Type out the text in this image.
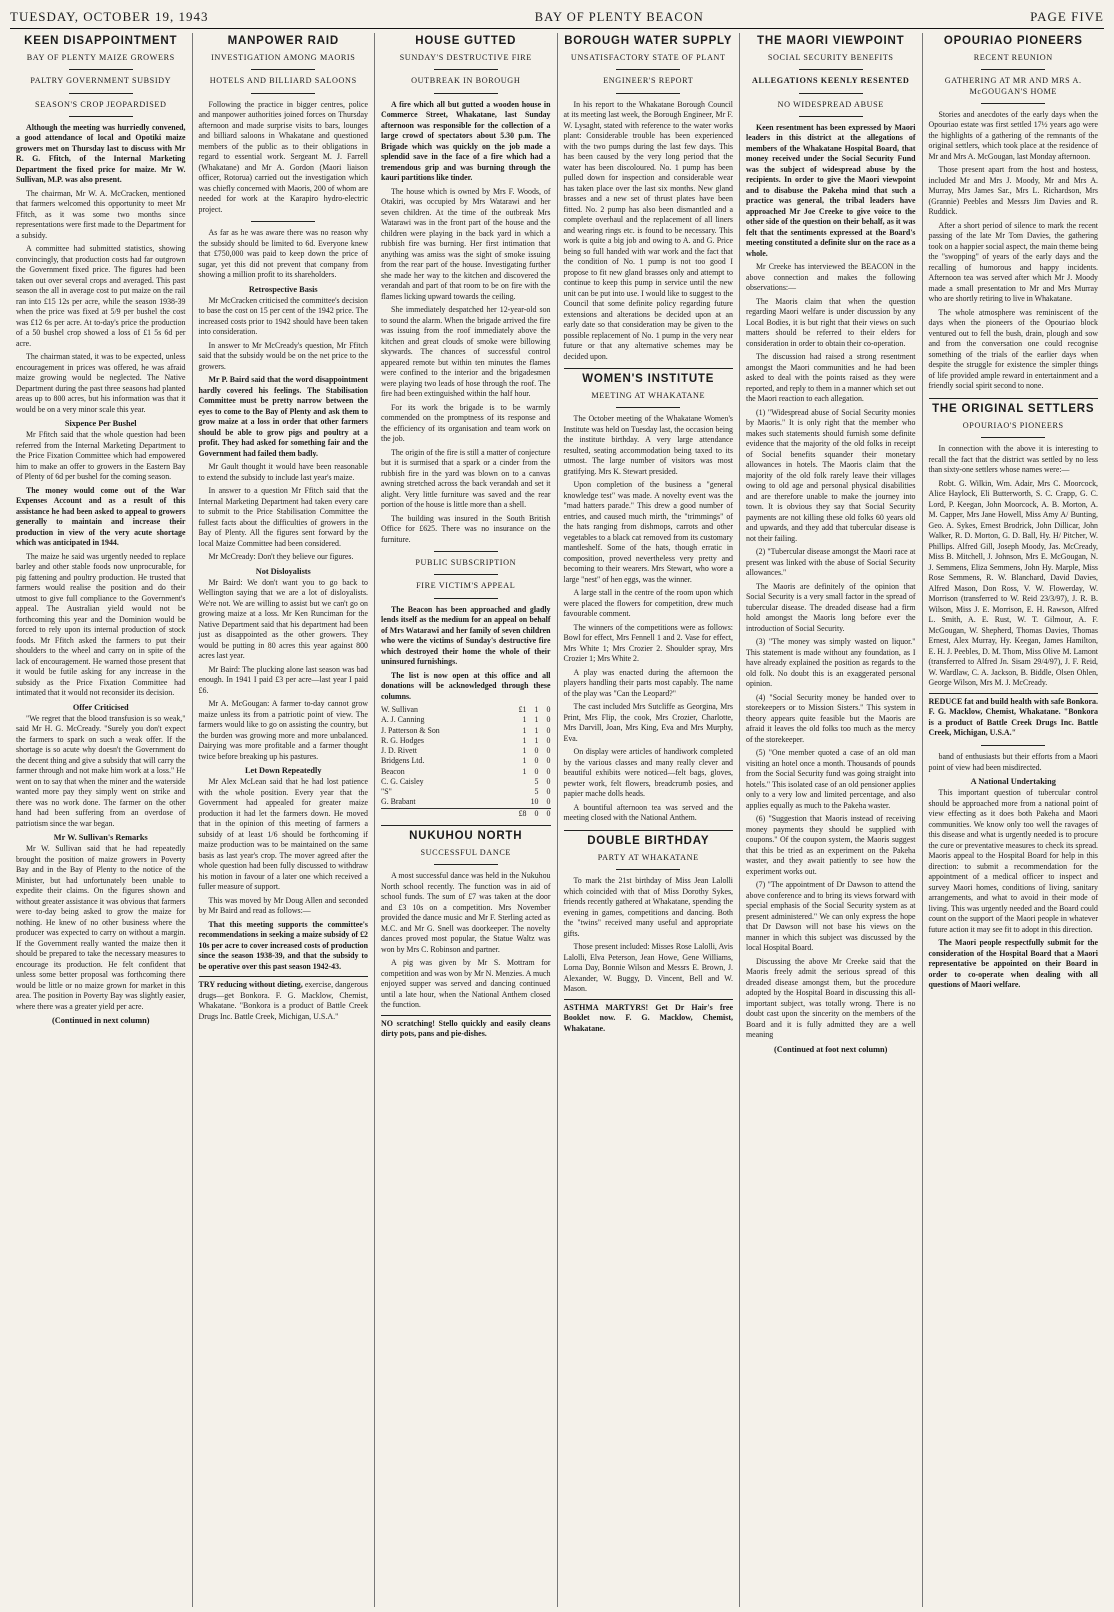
TUESDAY, OCTOBER 19, 1943	BAY OF PLENTY BEACON	PAGE FIVE
KEEN DISAPPOINTMENT
BAY OF PLENTY MAIZE GROWERS
PALTRY GOVERNMENT SUBSIDY
SEASON'S CROP JEOPARDISED

Although the meeting was hurriedly convened, a good attendance of local and Opotiki maize growers met on Thursday last to discuss with Mr R. G. Ffitch, of the Internal Marketing Department the fixed price for maize. Mr W. Sullivan, M.P. was also present.

The chairman, Mr W. A. McCracken, mentioned that farmers welcomed this opportunity to meet Mr Ffitch, as it was some two months since representations were first made to the Department for a subsidy.

A committee had submitted statistics, showing convincingly, that production costs had far outgrown the Government fixed price. The figures had been taken out over several crops and averaged. This past season the all in average cost to put maize on the rail ran into £15 12s per acre, while the season 1938-39 when the price was fixed at 5/9 per bushel the cost was £12 6s per acre. At to-day's price the production of a 50 bushel crop showed a loss of £1 5s 6d per acre.

The chairman stated, it was to be expected, unless encouragement in prices was offered, he was afraid maize growing would be neglected. The Native Department during the past three seasons had planted areas up to 800 acres, but his information was that it would be on a very minor scale this year.

Sixpence Per Bushel

Mr Ffitch said that the whole question had been referred from the Internal Marketing Department to the Price Fixation Committee which had empowered him to make an offer to growers in the Eastern Bay of Plenty of 6d per bushel for the coming season.

The money would come out of the War Expenses Account and as a result of this assistance he had been asked to appeal to growers generally to maintain and increase their production in view of the very acute shortage which was anticipated in 1944.

The maize he said was urgently needed to replace barley and other stable foods now unprocurable, for pig fattening and poultry production. He trusted that farmers would realise the position and do their utmost to give full compliance to the Government's appeal. The Australian yield would not be forthcoming this year and the Dominion would be forced to rely upon its internal production of stock foods. Mr Ffitch asked the farmers to put their shoulders to the wheel and carry on in spite of the lack of encouragement. He warned those present that it would be futile asking for any increase in the subsidy as the Price Fixation Committee had intimated that it would not reconsider its decision.

Offer Criticised

"We regret that the blood transfusion is so weak," said Mr H. G. McCready. "Surely you don't expect the farmers to spark on such a weak offer. If the shortage is so acute why doesn't the Government do the decent thing and give a subsidy that will carry the farmer through and not make him work at a loss." He went on to say that when the miner and the waterside wanted more pay they simply went on strike and there was no work done. The farmer on the other hand had been suffering from an overdose of patriotism since the war began.

Mr W. Sullivan's Remarks

Mr W. Sullivan said that he had repeatedly brought the position of maize growers in Poverty Bay and in the Bay of Plenty to the notice of the Minister, but had unfortunately been unable to expedite their claims. On the figures shown and without greater assistance it was obvious that farmers were to-day being asked to grow the maize for nothing. He knew of no other business where the producer was expected to carry on without a margin. If the Government really wanted the maize then it should be prepared to take the necessary measures to encourage its production. He felt confident that unless some better proposal was forthcoming there would be little or no maize grown for market in this area. The position in Poverty Bay was slightly easier, where there was a greater yield per acre.

(Continued in next column)
MANPOWER RAID
INVESTIGATION AMONG MAORIS
HOTELS AND BILLIARD SALOONS

Following the practice in bigger centres, police and manpower authorities joined forces on Thursday afternoon and made surprise visits to bars, lounges and billiard saloons in Whakatane and questioned members of the public as to their obligations in regard to essential work. Sergeant M. J. Farrell (Whakatane) and Mr A. Gordon (Maori liaison officer, Rotorua) carried out the investigation which was chiefly concerned with Maoris, 200 of whom are needed for work at the Karapiro hydro-electric project.

As far as he was aware there was no reason why the subsidy should be limited to 6d. Everyone knew that £750,000 was paid to keep down the price of sugar, yet this did not prevent that company from showing a million profit to its shareholders.

Retrospective Basis

Mr McCracken criticised the committee's decision to base the cost on 15 per cent of the 1942 price. The increased costs prior to 1942 should have been taken into consideration.

In answer to Mr McCready's question, Mr Ffitch said that the subsidy would be on the net price to the growers.

Mr P. Baird said that the word disappointment hardly covered his feelings. The Stabilisation Committee must be pretty narrow between the eyes to come to the Bay of Plenty and ask them to grow maize at a loss in order that other farmers should be able to grow pigs and poultry at a profit. They had asked for something fair and the Government had failed them badly.

Mr Gault thought it would have been reasonable to extend the subsidy to include last year's maize.

In answer to a question Mr Ffitch said that the Internal Marketing Department had taken every care to submit to the Price Stabilisation Committee the fullest facts about the difficulties of growers in the Bay of Plenty. All the figures sent forward by the local Maize Committee had been considered.

Mr McCready: Don't they believe our figures.

Not Disloyalists

Mr Baird: We don't want you to go back to Wellington saying that we are a lot of disloyalists. We're not. We are willing to assist but we can't go on growing maize at a loss. Mr Ken Runciman for the Native Department said that his department had been just as disappointed as the other growers. They would be putting in 80 acres this year against 800 acres last year.

Mr Baird: The plucking alone last season was bad enough. In 1941 I paid £3 per acre—last year I paid £6.

Mr A. McGougan: A farmer to-day cannot grow maize unless its from a patriotic point of view. The farmers would like to go on assisting the country, but the burden was growing more and more unbalanced. Dairying was more profitable and a farmer thought twice before breaking up his pastures.

Let Down Repeatedly

Mr Alex McLean said that he had lost patience with the whole position. Every year that the Government had appealed for greater maize production it had let the farmers down. He moved that in the opinion of this meeting of farmers a subsidy of at least 1/6 should be forthcoming if maize production was to be maintained on the same basis as last year's crop. The mover agreed after the whole question had been fully discussed to withdraw his motion in favour of a later one which received a fuller measure of support.

This was moved by Mr Doug Allen and seconded by Mr Baird and read as follows:—

That this meeting supports the committee's recommendations in seeking a maize subsidy of £2 10s per acre to cover increased costs of production since the season 1938-39, and that the subsidy to be operative over this past season 1942-43.

TRY reducing without dieting, exercise, dangerous drugs—get Bonkora. F. G. Macklow, Chemist, Whakatane. "Bonkora is a product of Battle Creek Drugs Inc. Battle Creek, Michigan, U.S.A."
HOUSE GUTTED
SUNDAY'S DESTRUCTIVE FIRE
OUTBREAK IN BOROUGH

A fire which all but gutted a wooden house in Commerce Street, Whakatane, last Sunday afternoon was responsible for the collection of a large crowd of spectators about 5.30 p.m. The Brigade which was quickly on the job made a splendid save in the face of a fire which had a tremendous grip and was burning through the kauri partitions like tinder.

The house which is owned by Mrs F. Woods, of Otakiri, was occupied by Mrs Watarawi and her seven children. At the time of the outbreak Mrs Watarawi was in the front part of the house and the children were playing in the back yard in which a rubbish fire was burning. Her first intimation that anything was amiss was the sight of smoke issuing from the rear part of the house. Investigating further she made her way to the kitchen and discovered the verandah and part of that room to be on fire with the flames licking upward towards the ceiling.

She immediately despatched her 12-year-old son to sound the alarm. When the brigade arrived the fire was issuing from the roof immediately above the kitchen and great clouds of smoke were billowing skywards. The chances of successful control appeared remote but within ten minutes the flames were confined to the interior and the brigadesmen were playing two leads of hose through the roof. The fire had been extinguished within the half hour.

For its work the brigade is to be warmly commended on the promptness of its response and the efficiency of its organisation and team work on the job.

The origin of the fire is still a matter of conjecture but it is surmised that a spark or a cinder from the rubbish fire in the yard was blown on to a canvas awning stretched across the back verandah and set it alight. Very little furniture was saved and the rear portion of the house is little more than a shell.

The building was insured in the South British Office for £625. There was no insurance on the furniture.

PUBLIC SUBSCRIPTION
FIRE VICTIM'S APPEAL

The Beacon has been approached and gladly lends itself as the medium for an appeal on behalf of Mrs Watarawi and her family of seven children who were the victims of Sunday's destructive fire which destroyed their home the whole of their uninsured furnishings.

The list is now open at this office and all donations will be acknowledged through these columns.

W. Sullivan	£1	1	0
A. J. Canning	1	1	0
J. Patterson & Son	1	1	0
R. G. Hodges	1	1	0
J. D. Rivett	1	0	0
Bridgens Ltd.	1	0	0
Beacon	1	0	0
C. G. Caisley		5	0
"S"		5	0
G. Brabant		10	0
	£8	0	0
NUKUHOU NORTH
SUCCESSFUL DANCE

A most successful dance was held in the Nukuhou North school recently. The function was in aid of school funds. The sum of £7 was taken at the door and £3 10s on a competition. Mrs November provided the dance music and Mr F. Sterling acted as M.C. and Mr G. Snell was doorkeeper. The novelty dances proved most popular, the Statue Waltz was won by Mrs C. Robinson and partner.

A pig was given by Mr S. Mottram for competition and was won by Mr N. Menzies. A much enjoyed supper was served and dancing continued until a late hour, when the National Anthem closed the function.

NO scratching! Stello quickly and easily cleans dirty pots, pans and pie-dishes.
BOROUGH WATER SUPPLY
UNSATISFACTORY STATE OF PLANT
ENGINEER'S REPORT

In his report to the Whakatane Borough Council at its meeting last week, the Borough Engineer, Mr F. W. Lysaght, stated with reference to the water works plant: Considerable trouble has been experienced with the two pumps during the last few days. This has been caused by the very long period that the water has been discoloured. No. 1 pump has been pulled down for inspection and considerable wear has taken place over the last six months. New gland brasses and a new set of thrust plates have been fitted. No. 2 pump has also been dismantled and a complete overhaul and the replacement of all liners and wearing rings etc. is found to be necessary. This work is quite a big job and owing to A. and G. Price being so full handed with war work and the fact that the condition of No. 1 pump is not too good I propose to fit new gland brasses only and attempt to continue to keep this pump in service until the new unit can be put into use. I would like to suggest to the Council that some definite policy regarding future extensions and alterations be decided upon at an early date so that consideration may be given to the possible replacement of No. 1 pump in the very near future or that any alternative schemes may be decided upon.

WOMEN'S INSTITUTE
MEETING AT WHAKATANE

The October meeting of the Whakatane Women's Institute was held on Tuesday last, the occasion being the institute birthday. A very large attendance resulted, seating accommodation being taxed to its utmost. The large number of visitors was most gratifying. Mrs K. Stewart presided.

Upon completion of the business a "general knowledge test" was made. A novelty event was the "mad hatters parade." This drew a good number of entries, and caused much mirth, the "trimmings" of the hats ranging from dishmops, carrots and other vegetables to a black cat removed from its customary mantleshelf. Some of the hats, though erratic in composition, proved nevertheless very pretty and becoming to their wearers. Mrs Stewart, who wore a large "nest" of hen eggs, was the winner.

A large stall in the centre of the room upon which were placed the flowers for competition, drew much favourable comment.

The winners of the competitions were as follows: Bowl for effect, Mrs Fennell 1 and 2. Vase for effect, Mrs White 1; Mrs Crozier 2. Shoulder spray, Mrs Crozier 1; Mrs White 2.

A play was enacted during the afternoon the players handling their parts most capably. The name of the play was "Can the Leopard?"

The cast included Mrs Sutcliffe as Georgina, Mrs Print, Mrs Flip, the cook, Mrs Crozier, Charlotte, Mrs Darvill, Joan, Mrs King, Eva and Mrs Murphy, Eva.

On display were articles of handiwork completed by the various classes and many really clever and beautiful exhibits were noticed—felt bags, gloves, pewter work, felt flowers, breadcrumb posies, and papier mache dolls heads.

A bountiful afternoon tea was served and the meeting closed with the National Anthem.

DOUBLE BIRTHDAY
PARTY AT WHAKATANE

To mark the 21st birthday of Miss Jean Lalolli which coincided with that of Miss Dorothy Sykes, friends recently gathered at Whakatane, spending the evening in games, competitions and dancing. Both the "twins" received many useful and appropriate gifts.

Those present included: Misses Rose Lalolli, Avis Lalolli, Elva Peterson, Jean Howe, Gene Williams, Lorna Day, Bonnie Wilson and Messrs E. Brown, J. Alexander, W. Buggy, D. Vincent, Bell and W. Mason.

ASTHMA MARTYRS! Get Dr Hair's free Booklet now. F. G. Macklow, Chemist, Whakatane.
THE MAORI VIEWPOINT
SOCIAL SECURITY BENEFITS
ALLEGATIONS KEENLY RESENTED
NO WIDESPREAD ABUSE

Keen resentment has been expressed by Maori leaders in this district at the allegations of members of the Whakatane Hospital Board, that money received under the Social Security Fund was the subject of widespread abuse by the recipients. In order to give the Maori viewpoint and to disabuse the Pakeha mind that such a practice was general, the tribal leaders have approached Mr Joe Creeke to give voice to the other side of the question on their behalf, as it was felt that the sentiments expressed at the Board's meeting constituted a definite slur on the race as a whole.

Mr Creeke has interviewed the BEACON in the above connection and makes the following observations:—

The Maoris claim that when the question regarding Maori welfare is under discussion by any Local Bodies, it is but right that their views on such matters should be referred to their elders for consideration in order to obtain their co-operation.

The discussion had raised a strong resentment amongst the Maori communities and he had been asked to deal with the points raised as they were reported, and reply to them in a manner which set out the Maori reaction to each allegation.

(1) "Widespread abuse of Social Security monies by Maoris." It is only right that the member who makes such statements should furnish some definite evidence that the majority of the old folks in receipt of Social benefits squander their monetary allowances in hotels. The Maoris claim that the majority of the old folk rarely leave their villages owing to old age and personal physical disabilities and are therefore unable to make the journey into town. It is obvious they say that Social Security payments are not killing these old folks 60 years old and upwards, and they add that tubercular disease is not their failing.

(2) "Tubercular disease amongst the Maori race at present was linked with the abuse of Social Security allowances."

The Maoris are definitely of the opinion that Social Security is a very small factor in the spread of tubercular disease. The dreaded disease had a firm hold amongst the Maoris long before ever the introduction of Social Security.

(3) "The money was simply wasted on liquor." This statement is made without any foundation, as I have already explained the position as regards to the old folk. No doubt this is an exaggerated personal opinion.

(4) "Social Security money be handed over to storekeepers or to Mission Sisters." This system in theory appears quite feasible but the Maoris are afraid it leaves the old folks too much as the mercy of the storekeeper.

(5) "One member quoted a case of an old man visiting an hotel once a month. Thousands of pounds from the Social Security fund was going straight into hotels." This isolated case of an old pensioner applies only to a very low and limited percentage, and also applies equally as much to the Pakeha waster.

(6) "Suggestion that Maoris instead of receiving money payments they should be supplied with coupons." Of the coupon system, the Maoris suggest that this be tried as an experiment on the Pakeha waster, and they await patiently to see how the experiment works out.

(7) "The appointment of Dr Dawson to attend the above conference and to bring its views forward with special emphasis of the Social Security system as at present administered." We can only express the hope that Dr Dawson will not base his views on the manner in which this subject was discussed by the local Hospital Board.

Discussing the above Mr Creeke said that the Maoris freely admit the serious spread of this dreaded disease amongst them, but the procedure adopted by the Hospital Board in discussing this all-important subject, was totally wrong. There is no doubt cast upon the sincerity on the members of the Board and it is fully admitted they are a well meaning

(Continued at foot next column)
OPOURIAO PIONEERS
RECENT REUNION
GATHERING AT MR AND MRS A. McGOUGAN'S HOME

Stories and anecdotes of the early days when the Opouriao estate was first settled 17½ years ago were the highlights of a gathering of the remnants of the original settlers, which took place at the residence of Mr and Mrs A. McGougan, last Monday afternoon.

Those present apart from the host and hostess, included Mr and Mrs J. Moody, Mr and Mrs A. Murray, Mrs James Sar., Mrs L. Richardson, Mrs (Grannie) Peebles and Messrs Jim Davies and R. Ruddick.

After a short period of silence to mark the recent passing of the late Mr Tom Davies, the gathering took on a happier social aspect, the main theme being the "swopping" of years of the early days and the recalling of humorous and happy incidents. Afternoon tea was served after which Mr J. Moody made a small presentation to Mr and Mrs Murray who are shortly retiring to live in Whakatane.

The whole atmosphere was reminiscent of the days when the pioneers of the Opouriao block ventured out to fell the bush, drain, plough and sow and from the conversation one could recognise something of the trials of the earlier days when despite the struggle for existence the simpler things of life provided ample reward in entertainment and a friendly social spirit second to none.

THE ORIGINAL SETTLERS
OPOURIAO'S PIONEERS

In connection with the above it is interesting to recall the fact that the district was settled by no less than sixty-one settlers whose names were:—

Robt. G. Wilkin, Wm. Adair, Mrs C. Moorcock, Alice Haylock, Eli Butterworth, S. C. Crapp, G. C. Lord, P. Keegan, John Moorcock, A. B. Morton, A. M. Capper, Mrs Jane Howell, Miss Amy A/ Bunting, Geo. A. Sykes, Ernest Brodrick, John Dillicar, John Walker, R. D. Morton, G. D. Ball, Hy. H/ Pitcher, W. Phillips. Alfred Gill, Joseph Moody, Jas. McCready, Miss B. Mitchell, J. Johnson, Mrs E. McGougan, N. J. Semmens, Eliza Semmens, John Hy. Marple, Miss Rose Semmens, R. W. Blanchard, David Davies, Alfred Mason, Don Ross, V. W. Flowerday, W. Morrison (transferred to W. Reid 23/3/97), J. R. B. Wilson, Miss J. E. Morrison, E. H. Rawson, Alfred L. Smith, A. E. Rust, W. T. Gilmour, A. F. McGougan, W. Shepherd, Thomas Davies, Thomas Ernest, Alex Murray, Hy. Keegan, James Hamilton, E. H. J. Peebles, D. M. Thom, Miss Olive M. Lamont (transferred to Alfred Jn. Sisam 29/4/97), J. F. Reid, W. Wardlaw, C. A. Jackson, B. Biddle, Olsen Ohlen, George Wilson, Mrs M. J. McCready.

REDUCE fat and build health with safe Bonkora. F. G. Macklow, Chemist, Whakatane. "Bonkora is a product of Battle Creek Drugs Inc. Battle Creek, Michigan, U.S.A."

band of enthusiasts but their efforts from a Maori point of view had been misdirected.

A National Undertaking

This important question of tubercular control should be approached more from a national point of view effecting as it does both Pakeha and Maori communities. We know only too well the ravages of this disease and what is urgently needed is to procure the cure or preventative measures to check its spread. Maoris appeal to the Hospital Board for help in this direction: to submit a recommendation for the appointment of a medical officer to inspect and survey Maori homes, conditions of living, sanitary arrangements, and what to avoid in their mode of living. This was urgently needed and the Board could count on the support of the Maori people in whatever future action it may see fit to adopt in this direction.

The Maori people respectfully submit for the consideration of the Hospital Board that a Maori representative be appointed on their Board in order to co-operate when dealing with all questions of Maori welfare.
